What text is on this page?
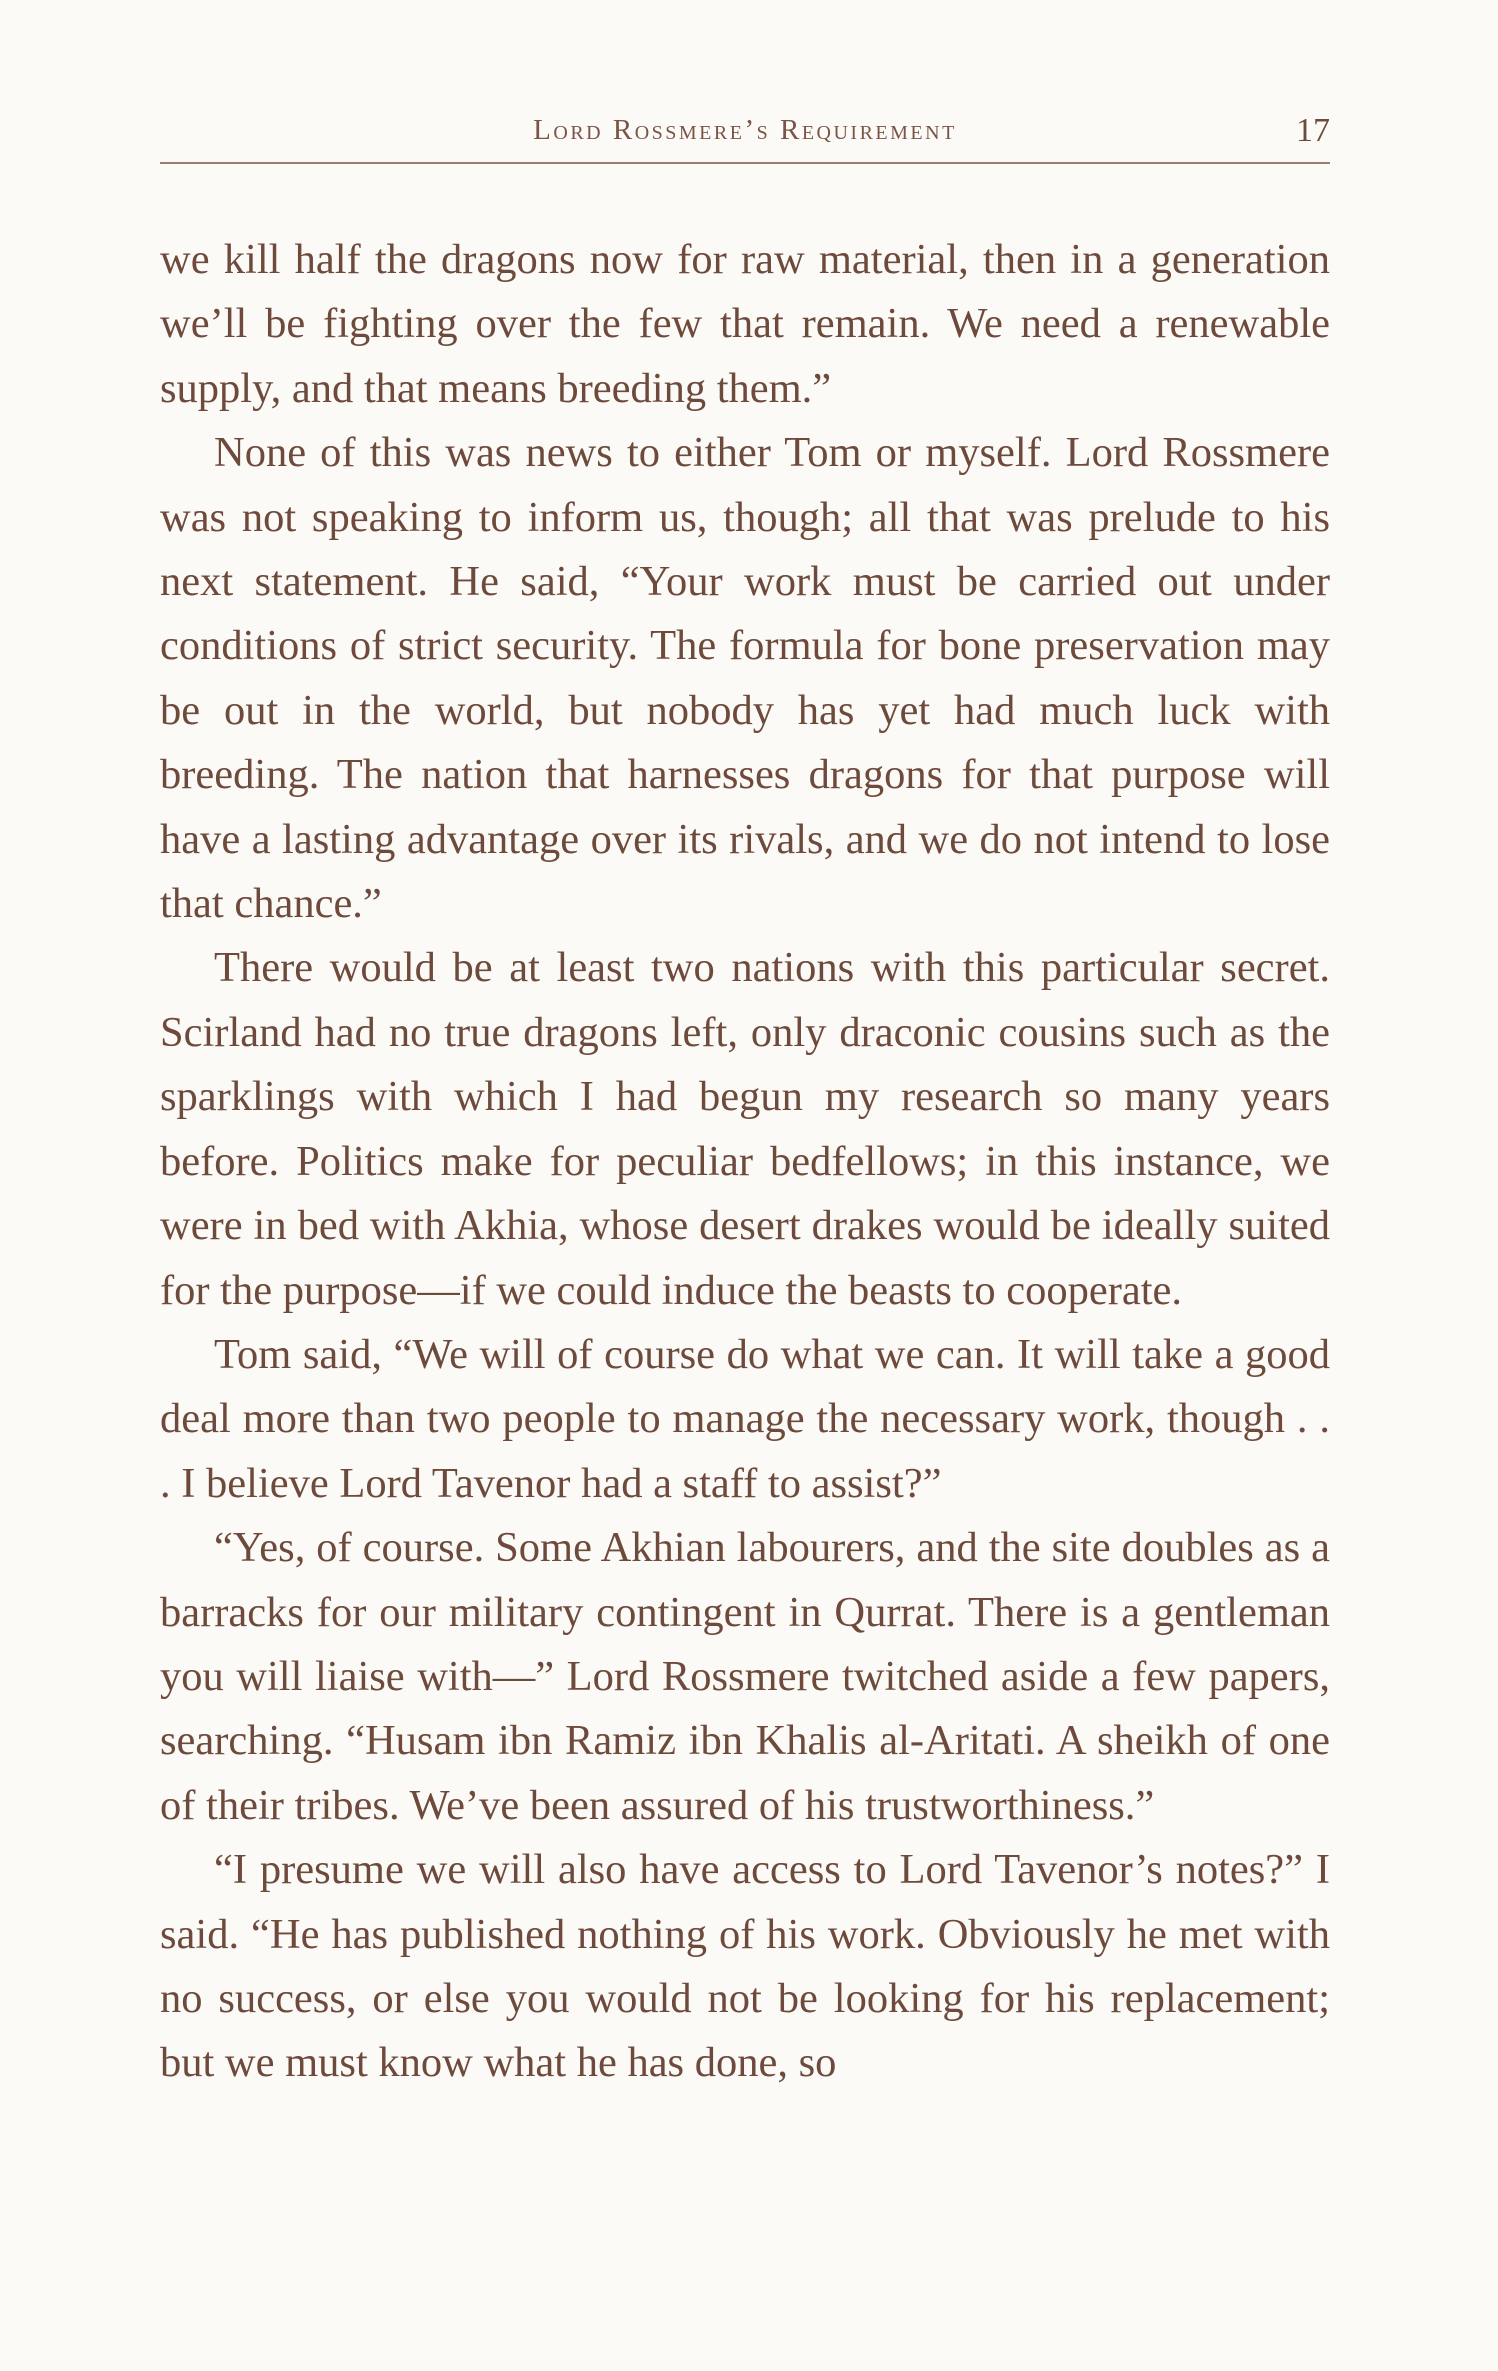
Lord Rossmere’s Requirement	17

we kill half the dragons now for raw material, then in a generation we’ll be fighting over the few that remain. We need a renewable supply, and that means breeding them.”

None of this was news to either Tom or myself. Lord Rossmere was not speaking to inform us, though; all that was prelude to his next statement. He said, “Your work must be carried out under conditions of strict security. The formula for bone preservation may be out in the world, but nobody has yet had much luck with breeding. The nation that harnesses dragons for that purpose will have a lasting advantage over its rivals, and we do not intend to lose that chance.”

There would be at least two nations with this particular secret. Scirland had no true dragons left, only draconic cousins such as the sparklings with which I had begun my research so many years before. Politics make for peculiar bedfellows; in this instance, we were in bed with Akhia, whose desert drakes would be ideally suited for the purpose—if we could induce the beasts to cooperate.

Tom said, “We will of course do what we can. It will take a good deal more than two people to manage the necessary work, though . . . I believe Lord Tavenor had a staff to assist?”

“Yes, of course. Some Akhian labourers, and the site doubles as a barracks for our military contingent in Qurrat. There is a gentleman you will liaise with—” Lord Rossmere twitched aside a few papers, searching. “Husam ibn Ramiz ibn Khalis al-Aritati. A sheikh of one of their tribes. We’ve been assured of his trustworthiness.”

“I presume we will also have access to Lord Tavenor’s notes?” I said. “He has published nothing of his work. Obviously he met with no success, or else you would not be looking for his replacement; but we must know what he has done, so
